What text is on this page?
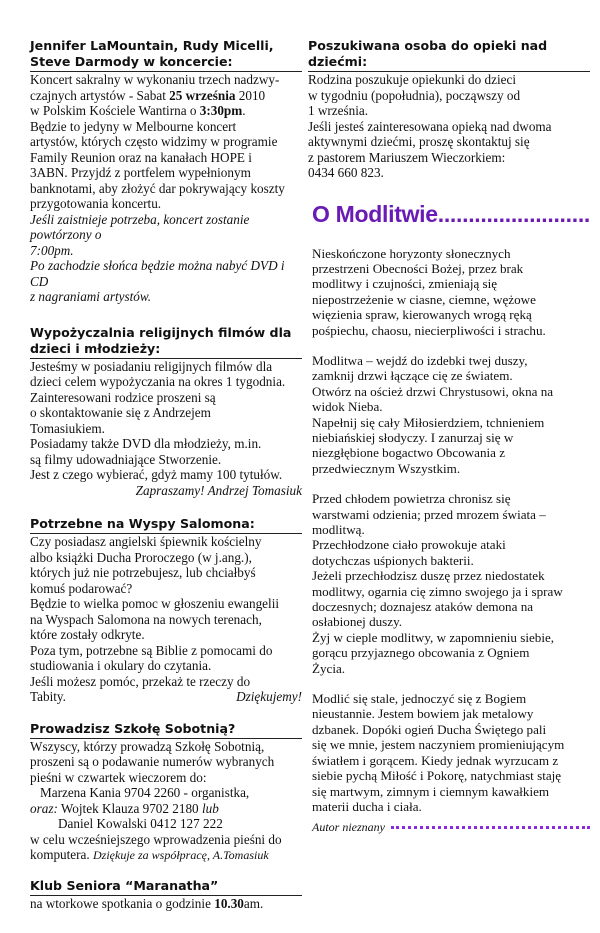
Jennifer LaMountain, Rudy Micelli, Steve Darmody w koncercie:
Koncert sakralny w wykonaniu trzech nadzwy-
czajnych artystów - Sabat 25 września 2010
w Polskim Kościele Wantirna o 3:30pm.
Będzie to jedyny w Melbourne koncert
artystów, których często widzimy w programie
Family Reunion oraz na kanałach HOPE i
3ABN. Przyjdź z portfelem wypełnionym
banknotami, aby złożyć dar pokrywający koszty
przygotowania koncertu.
Jeśli zaistnieje potrzeba, koncert zostanie powtórzony o
7:00pm.
Po zachodzie słońca będzie można nabyć DVD i CD
z nagraniami artystów.
Wypożyczalnia religijnych filmów dla dzieci i młodzieży:
Jesteśmy w posiadaniu religijnych filmów dla
dzieci celem wypożyczania na okres 1 tygodnia.
Zainteresowani rodzice proszeni są
o skontaktowanie się z Andrzejem
Tomasiukiem.
Posiadamy także DVD dla młodzieży, m.in.
są filmy udowadniające Stworzenie.
Jest z czego wybierać, gdyż mamy 100 tytułów.
Zapraszamy! Andrzej Tomasiuk
Potrzebne na Wyspy Salomona:
Czy posiadasz angielski śpiewnik kościelny
albo książki Ducha Proroczego (w j.ang.),
których już nie potrzebujesz, lub chciałbyś
komuś podarować?
Będzie to wielka pomoc w głoszeniu ewangelii
na Wyspach Salomona na nowych terenach,
które zostały odkryte.
Poza tym, potrzebne są Biblie z pomocami do
studiowania i okulary do czytania.
Jeśli możesz pomóc, przekaż te rzeczy do
Tabity.	Dziękujemy!
Prowadzisz Szkołę Sobotnią?
Wszyscy, którzy prowadzą Szkołę Sobotnią,
proszeni są o podawanie numerów wybranych
pieśni w czwartek wieczorem do:
Marzena Kania 9704 2260 - organistka,
oraz: Wojtek Klauza 9702 2180 lub
Daniel Kowalski 0412 127 222
w celu wcześniejszego wprowadzenia pieśni do
komputera. Dziękuje za współpracę, A.Tomasiuk
Klub Seniora “Maranatha”
na wtorkowe spotkania o godzinie 10.30am.
Poszukiwana osoba do opieki nad dziećmi:
Rodzina poszukuje opiekunki do dzieci
w tygodniu (popołudnia), począwszy od
1 września.
Jeśli jesteś zainteresowana opieką nad dwoma
aktywnymi dziećmi, proszę skontaktuj się
z pastorem Mariuszem Wieczorkiem:
0434 660 823.
O Modlitwie.........................
Nieskończone horyzonty słonecznych
przestrzeni Obecności Bożej, przez brak
modlitwy i czujności, zmieniają się
niepostrzeżenie w ciasne, ciemne, wężowe
więzienia spraw, kierowanych wrogą ręką
pośpiechu, chaosu, niecierpliwości i strachu.
Modlitwa – wejdź do izdebki twej duszy,
zamknij drzwi łączące cię ze światem.
Otwórz na oścież drzwi Chrystusowi, okna na
widok Nieba.
Napełnij się cały Miłosierdziem, tchnieniem
niebiańskiej słodyczy. I zanurzaj się w
niezgłębione bogactwo Obcowania z
przedwiecznym Wszystkim.
Przed chłodem powietrza chronisz się
warstwami odzienia; przed mrozem świata –
modlitwą.
Przechłodzone ciało prowokuje ataki
dotychczas uśpionych bakterii.
Jeżeli przechłodzisz duszę przez niedostatek
modlitwy, ogarnia cię zimno swojego ja i spraw
doczesnych; doznajesz ataków demona na
osłabionej duszy.
Żyj w cieple modlitwy, w zapomnieniu siebie,
gorącu przyjaznego obcowania z Ogniem
Życia.
Modlić się stale, jednoczyć się z Bogiem
nieustannie. Jestem bowiem jak metalowy
dzbanek. Dopóki ogień Ducha Świętego pali
się we mnie, jestem naczyniem promieniującym
światłem i gorącem. Kiedy jednak wyrzucam z
siebie pychą Miłość i Pokorę, natychmiast staję
się martwym, zimnym i ciemnym kawałkiem
materii ducha i ciała.
Autor nieznany
